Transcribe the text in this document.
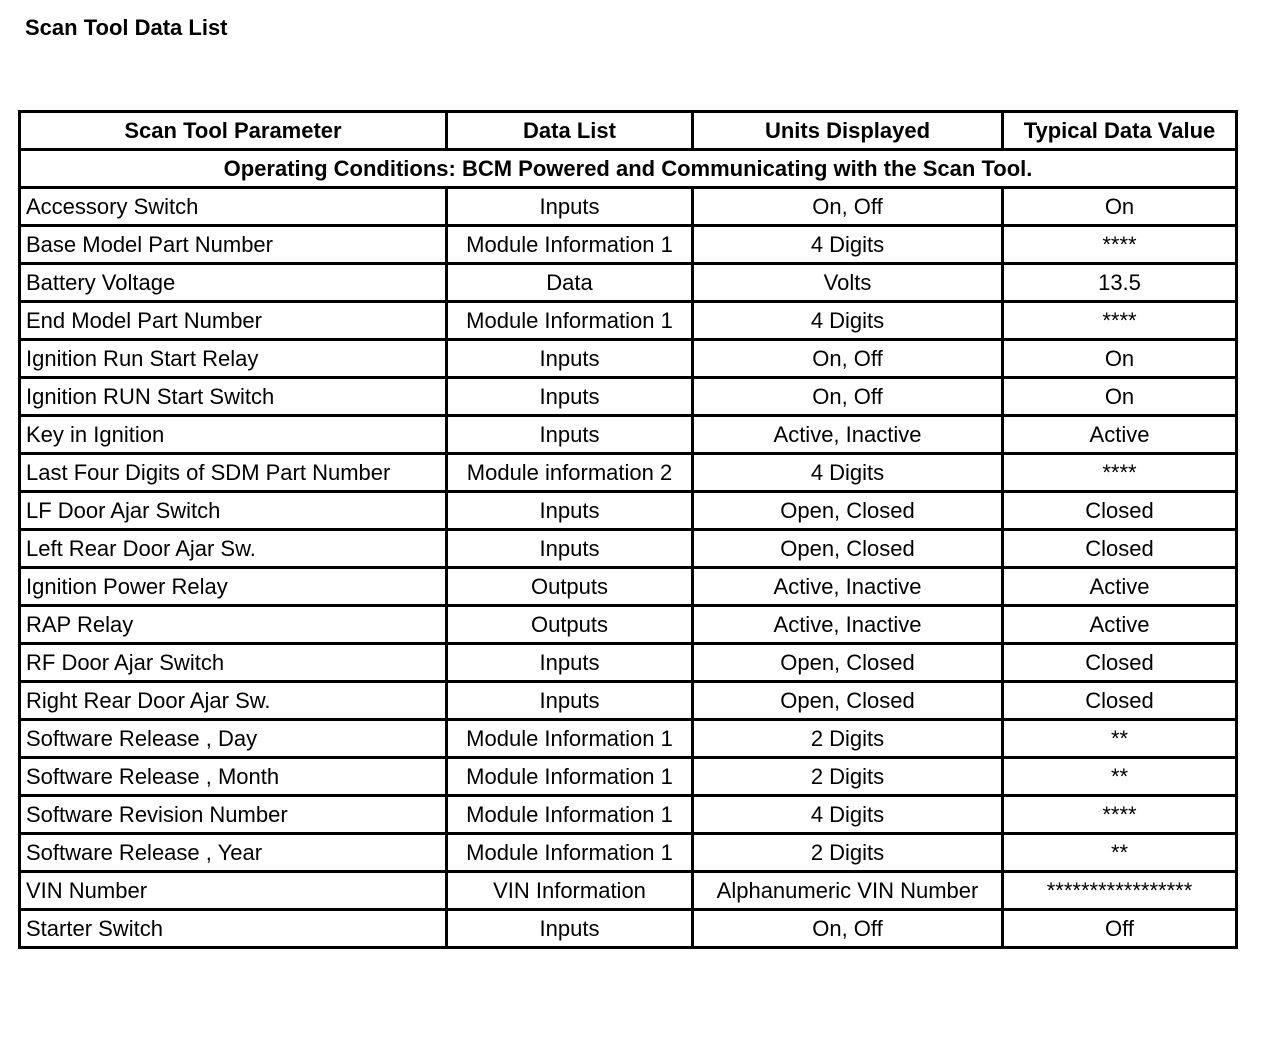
Scan Tool Data List
Scan Tool Parameter	Data List	Units Displayed	Typical Data Value
Operating Conditions: BCM Powered and Communicating with the Scan Tool.			
Accessory Switch	Inputs	On, Off	On
Base Model Part Number	Module Information 1	4 Digits	****
Battery Voltage	Data	Volts	13.5
End Model Part Number	Module Information 1	4 Digits	****
Ignition Run Start Relay	Inputs	On, Off	On
Ignition RUN Start Switch	Inputs	On, Off	On
Key in Ignition	Inputs	Active, Inactive	Active
Last Four Digits of SDM Part Number	Module information 2	4 Digits	****
LF Door Ajar Switch	Inputs	Open, Closed	Closed
Left Rear Door Ajar Sw.	Inputs	Open, Closed	Closed
Ignition Power Relay	Outputs	Active, Inactive	Active
RAP Relay	Outputs	Active, Inactive	Active
RF Door Ajar Switch	Inputs	Open, Closed	Closed
Right Rear Door Ajar Sw.	Inputs	Open, Closed	Closed
Software Release , Day	Module Information 1	2 Digits	**
Software Release , Month	Module Information 1	2 Digits	**
Software Revision Number	Module Information 1	4 Digits	****
Software Release , Year	Module Information 1	2 Digits	**
VIN Number	VIN Information	Alphanumeric VIN Number	*****************
Starter Switch	Inputs	On, Off	Off
